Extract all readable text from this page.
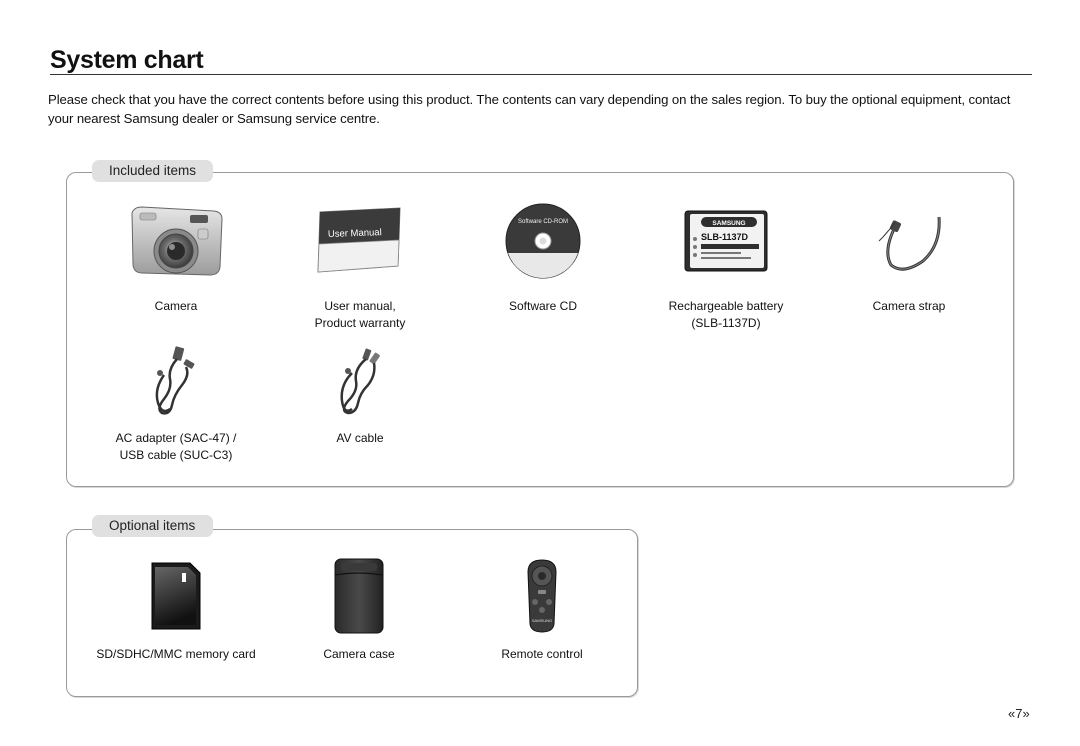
System chart
Please check that you have the correct contents before using this product. The contents can vary depending on the sales region. To buy the optional equipment, contact your nearest Samsung dealer or Samsung service centre.
Included items
Camera
User Manual
User manual,
Product warranty
Software CD-ROM
Software CD
SAMSUNG
SLB-1137D
Rechargeable battery
(SLB-1137D)
Camera strap
AC adapter (SAC-47) /
USB cable (SUC-C3)
AV cable
Optional items
SD/SDHC/MMC memory card	Camera case
SAMSUNG
Remote control
«7»
